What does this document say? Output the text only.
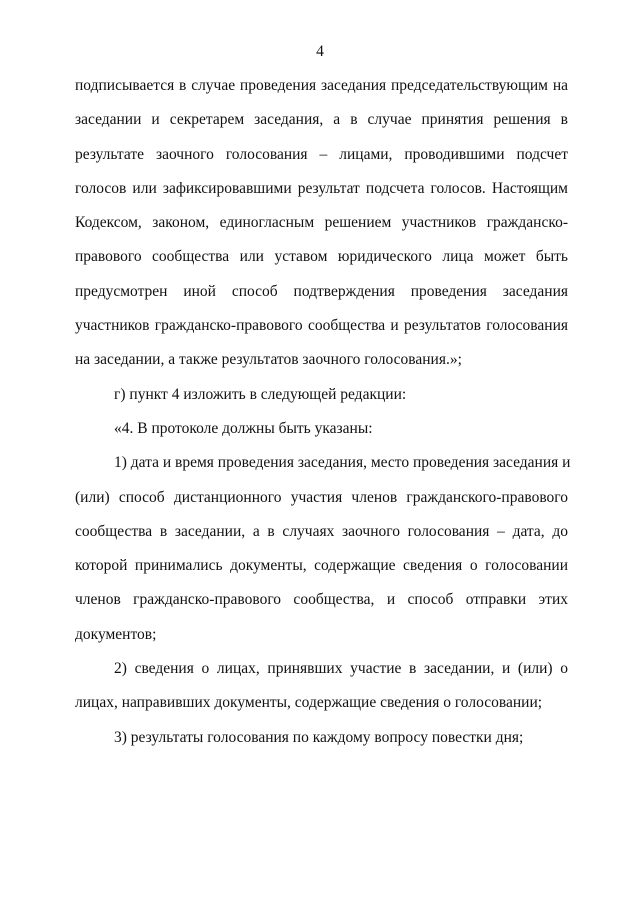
4
подписывается в случае проведения заседания председательствующим на
заседании и секретарем заседания, а в случае принятия решения в
результате заочного голосования – лицами, проводившими подсчет
голосов или зафиксировавшими результат подсчета голосов. Настоящим
Кодексом, законом, единогласным решением участников гражданско-
правового сообщества или уставом юридического лица может быть
предусмотрен иной способ подтверждения проведения заседания
участников гражданско-правового сообщества и результатов голосования
на заседании, а также результатов заочного голосования.»;
г) пункт 4 изложить в следующей редакции:
«4. В протоколе должны быть указаны:
1) дата и время проведения заседания, место проведения заседания и
(или) способ дистанционного участия членов гражданского-правового
сообщества в заседании, а в случаях заочного голосования – дата, до
которой принимались документы, содержащие сведения о голосовании
членов гражданско-правового сообщества, и способ отправки этих
документов;
2) сведения о лицах, принявших участие в заседании, и (или) о
лицах, направивших документы, содержащие сведения о голосовании;
3) результаты голосования по каждому вопросу повестки дня;
